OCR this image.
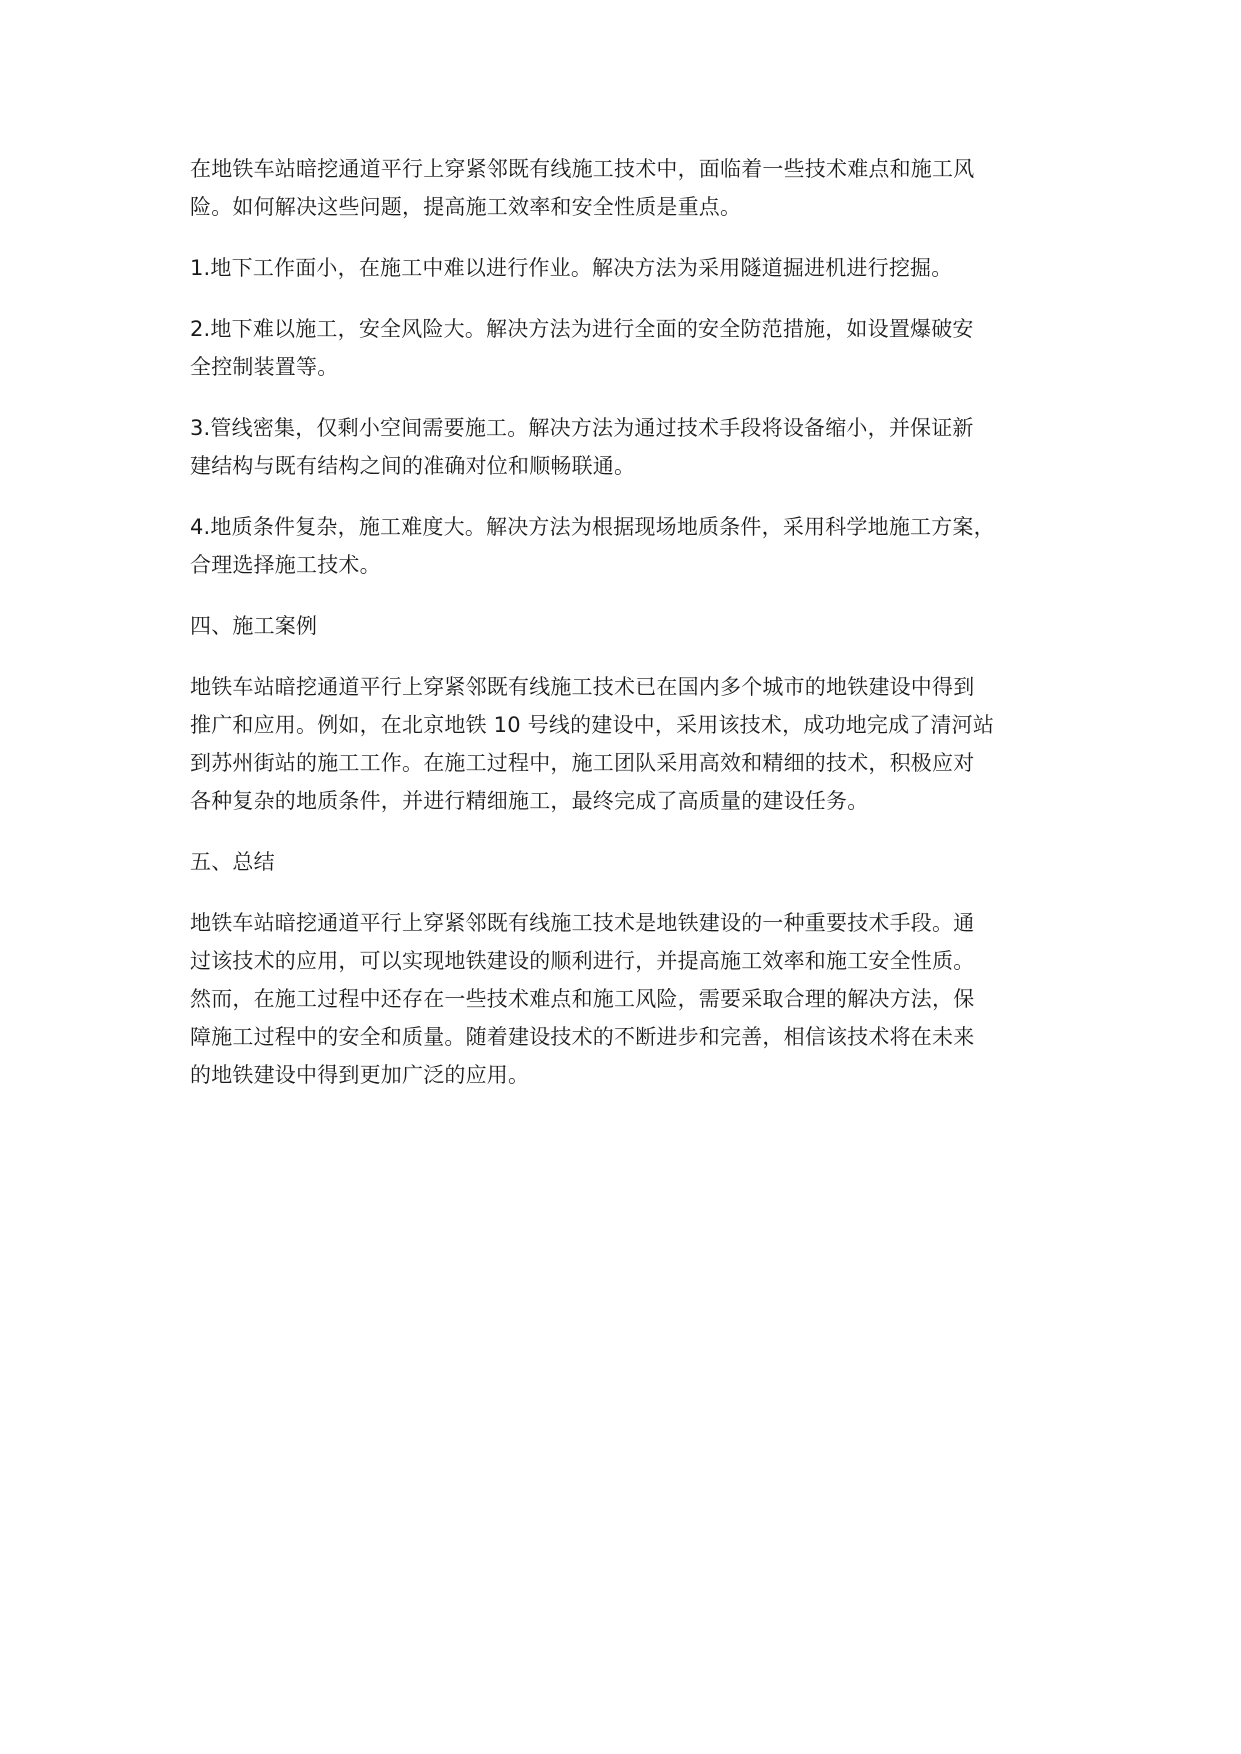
在地铁车站暗挖通道平行上穿紧邻既有线施工技术中，面临着一些技术难点和施工风
险。如何解决这些问题，提高施工效率和安全性质是重点。

1.地下工作面小，在施工中难以进行作业。解决方法为采用隧道掘进机进行挖掘。

2.地下难以施工，安全风险大。解决方法为进行全面的安全防范措施，如设置爆破安
全控制装置等。

3.管线密集，仅剩小空间需要施工。解决方法为通过技术手段将设备缩小，并保证新
建结构与既有结构之间的准确对位和顺畅联通。

4.地质条件复杂，施工难度大。解决方法为根据现场地质条件，采用科学地施工方案，
合理选择施工技术。

四、施工案例

地铁车站暗挖通道平行上穿紧邻既有线施工技术已在国内多个城市的地铁建设中得到
推广和应用。例如，在北京地铁 10 号线的建设中，采用该技术，成功地完成了清河站
到苏州街站的施工工作。在施工过程中，施工团队采用高效和精细的技术，积极应对
各种复杂的地质条件，并进行精细施工，最终完成了高质量的建设任务。

五、总结

地铁车站暗挖通道平行上穿紧邻既有线施工技术是地铁建设的一种重要技术手段。通
过该技术的应用，可以实现地铁建设的顺利进行，并提高施工效率和施工安全性质。
然而，在施工过程中还存在一些技术难点和施工风险，需要采取合理的解决方法，保
障施工过程中的安全和质量。随着建设技术的不断进步和完善，相信该技术将在未来
的地铁建设中得到更加广泛的应用。
